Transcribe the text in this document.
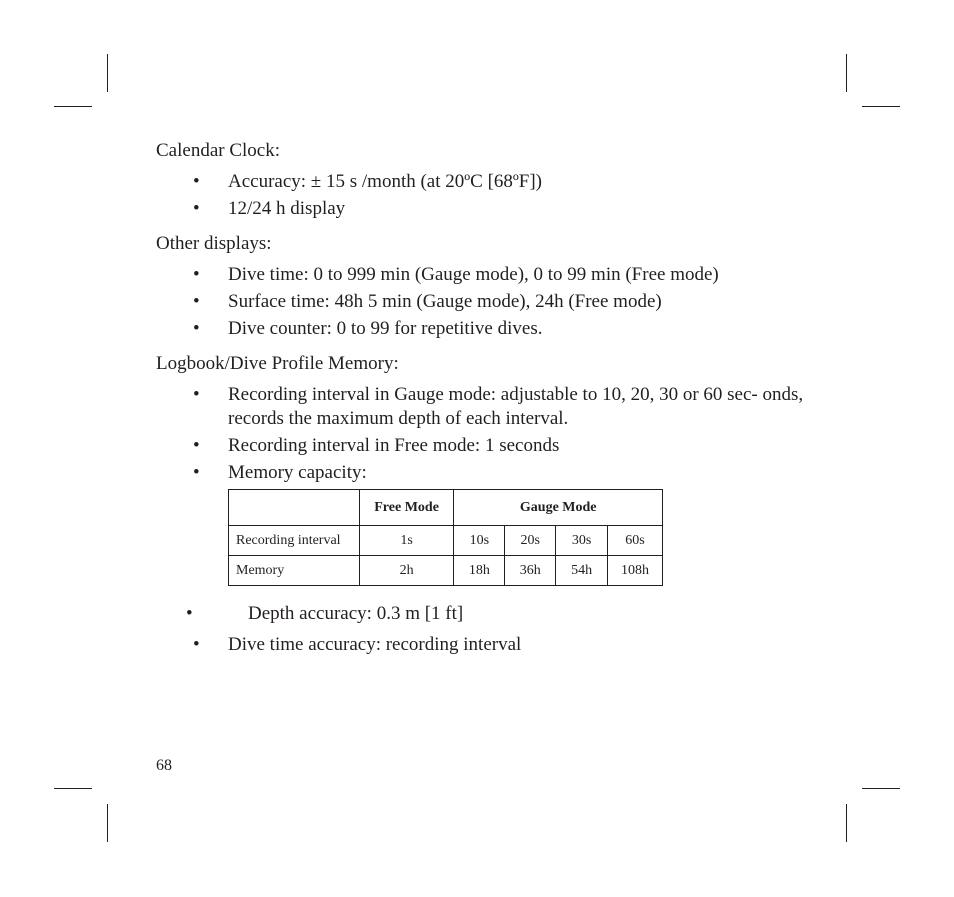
Calendar Clock:
• Accuracy: ± 15 s /month (at 20ºC [68ºF])
• 12/24 h display
Other displays:
• Dive time: 0 to 999 min (Gauge mode), 0 to 99 min (Free mode)
• Surface time: 48h 5 min (Gauge mode), 24h (Free mode)
• Dive counter: 0 to 99 for repetitive dives.
Logbook/Dive Profile Memory:
• Recording interval in Gauge mode: adjustable to 10, 20, 30 or 60 sec- onds, records the maximum depth of each interval.
• Recording interval in Free mode: 1 seconds
• Memory capacity:
	Free Mode	Gauge Mode			
Recording interval	1s	10s	20s	30s	60s
Memory	2h	18h	36h	54h	108h
•	Depth accuracy: 0.3 m [1 ft]
• Dive time accuracy: recording interval
68
